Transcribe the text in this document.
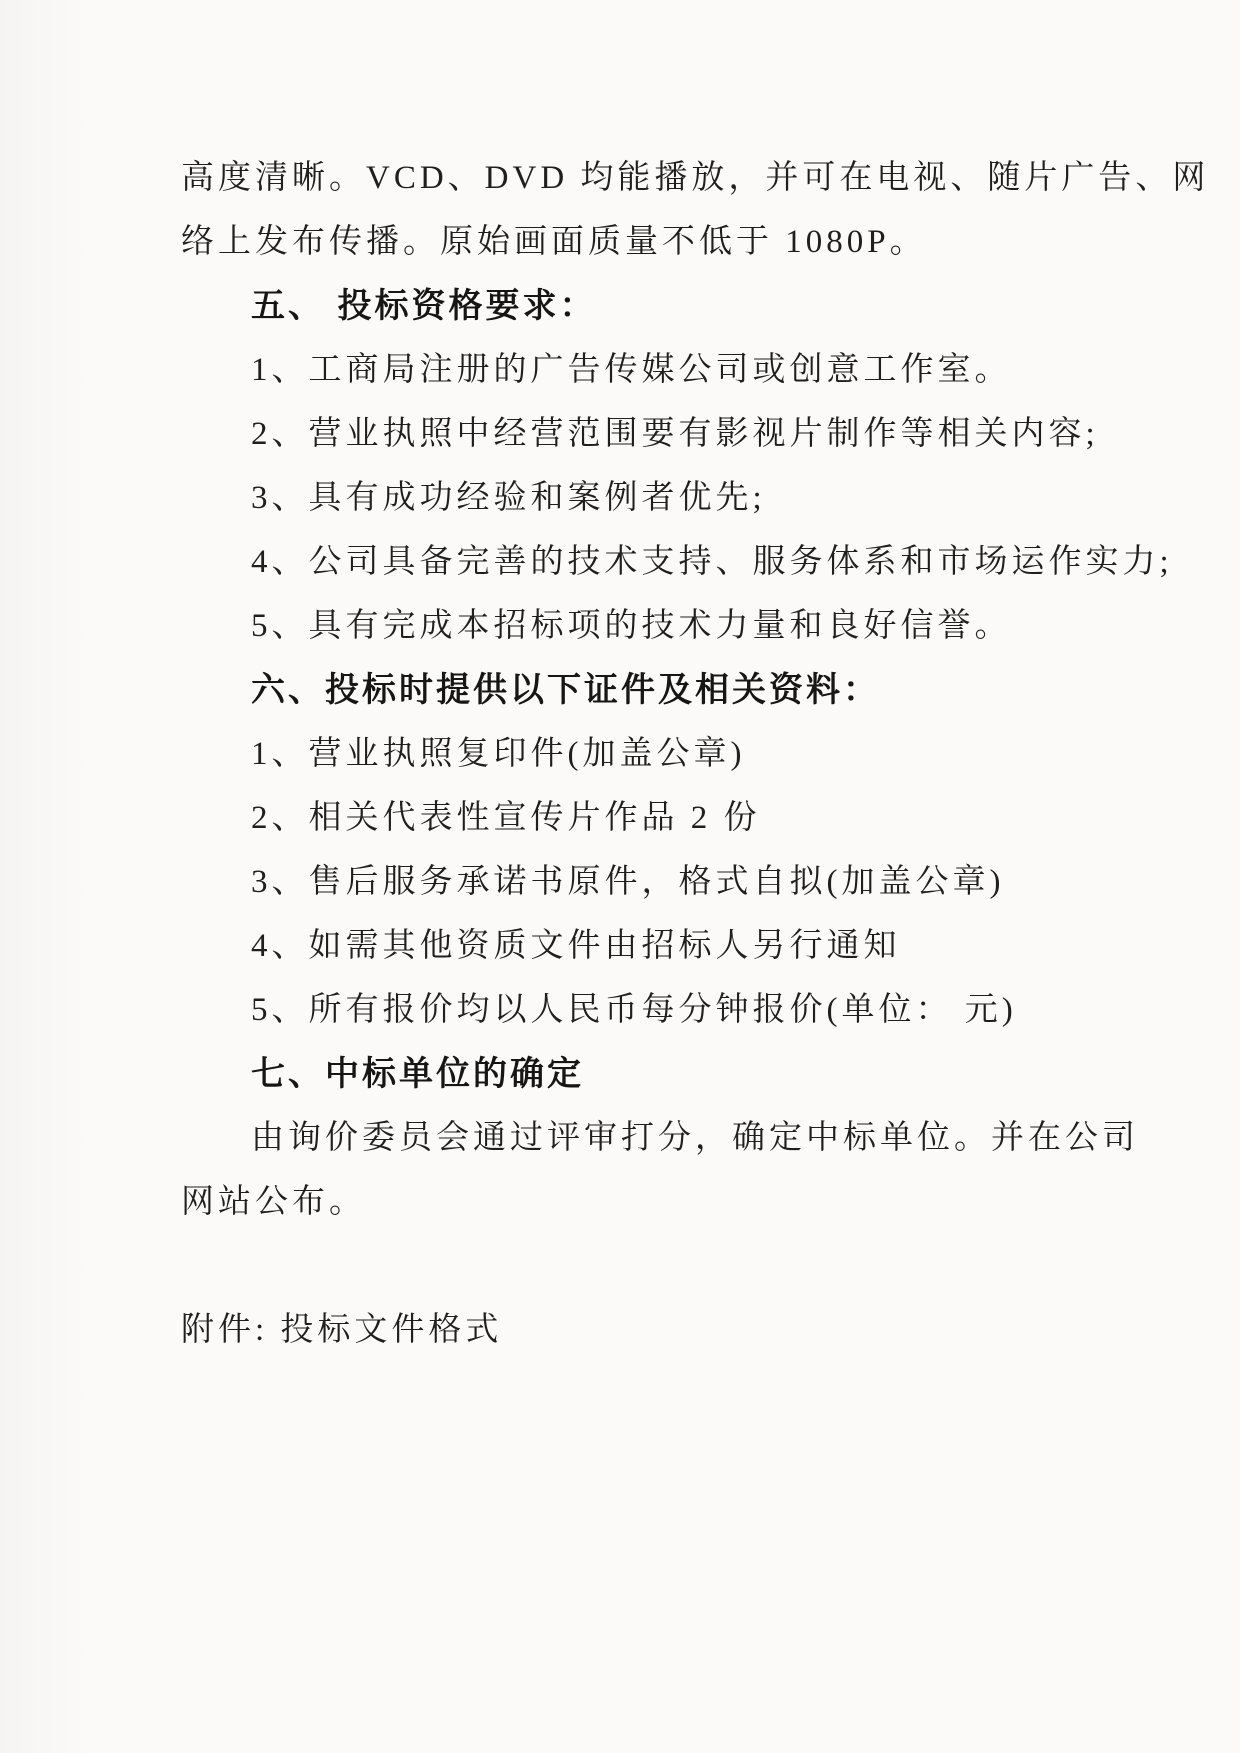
高度清晰。VCD、DVD 均能播放，并可在电视、随片广告、网
络上发布传播。原始画面质量不低于 1080P。
五、 投标资格要求：
1、工商局注册的广告传媒公司或创意工作室。
2、营业执照中经营范围要有影视片制作等相关内容;
3、具有成功经验和案例者优先;
4、公司具备完善的技术支持、服务体系和市场运作实力;
5、具有完成本招标项的技术力量和良好信誉。
六、投标时提供以下证件及相关资料：
1、营业执照复印件(加盖公章)
2、相关代表性宣传片作品 2 份
3、售后服务承诺书原件，格式自拟(加盖公章)
4、如需其他资质文件由招标人另行通知
5、所有报价均以人民币每分钟报价(单位： 元)
七、中标单位的确定
由询价委员会通过评审打分，确定中标单位。并在公司
网站公布。
附件: 投标文件格式
